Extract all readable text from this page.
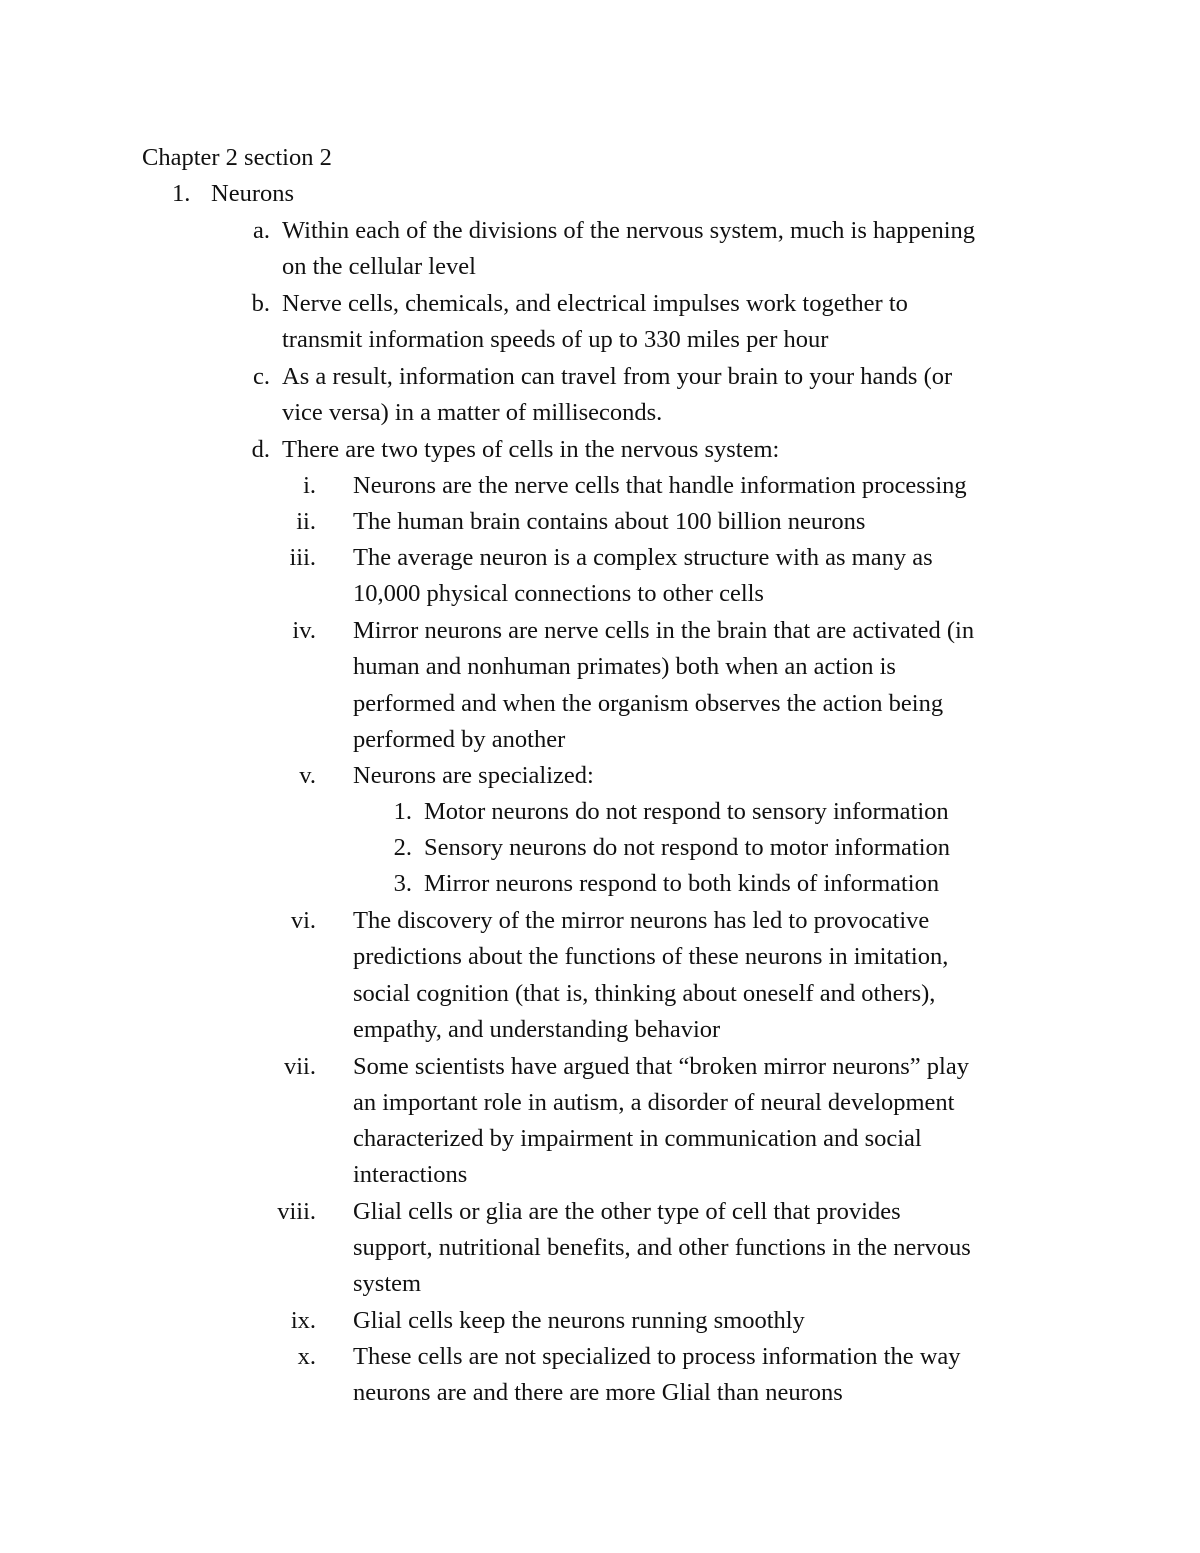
Chapter 2 section 2
1. Neurons
a. Within each of the divisions of the nervous system, much is happening
on the cellular level
b. Nerve cells, chemicals, and electrical impulses work together to
transmit information speeds of up to 330 miles per hour
c. As a result, information can travel from your brain to your hands (or
vice versa) in a matter of milliseconds.
d. There are two types of cells in the nervous system:
i. Neurons are the nerve cells that handle information processing
ii. The human brain contains about 100 billion neurons
iii. The average neuron is a complex structure with as many as
10,000 physical connections to other cells
iv. Mirror neurons are nerve cells in the brain that are activated (in
human and nonhuman primates) both when an action is
performed and when the organism observes the action being
performed by another
v. Neurons are specialized:
1. Motor neurons do not respond to sensory information
2. Sensory neurons do not respond to motor information
3. Mirror neurons respond to both kinds of information
vi. The discovery of the mirror neurons has led to provocative
predictions about the functions of these neurons in imitation,
social cognition (that is, thinking about oneself and others),
empathy, and understanding behavior
vii. Some scientists have argued that “broken mirror neurons” play
an important role in autism, a disorder of neural development
characterized by impairment in communication and social
interactions
viii. Glial cells or glia are the other type of cell that provides
support, nutritional benefits, and other functions in the nervous
system
ix. Glial cells keep the neurons running smoothly
x. These cells are not specialized to process information the way
neurons are and there are more Glial than neurons
